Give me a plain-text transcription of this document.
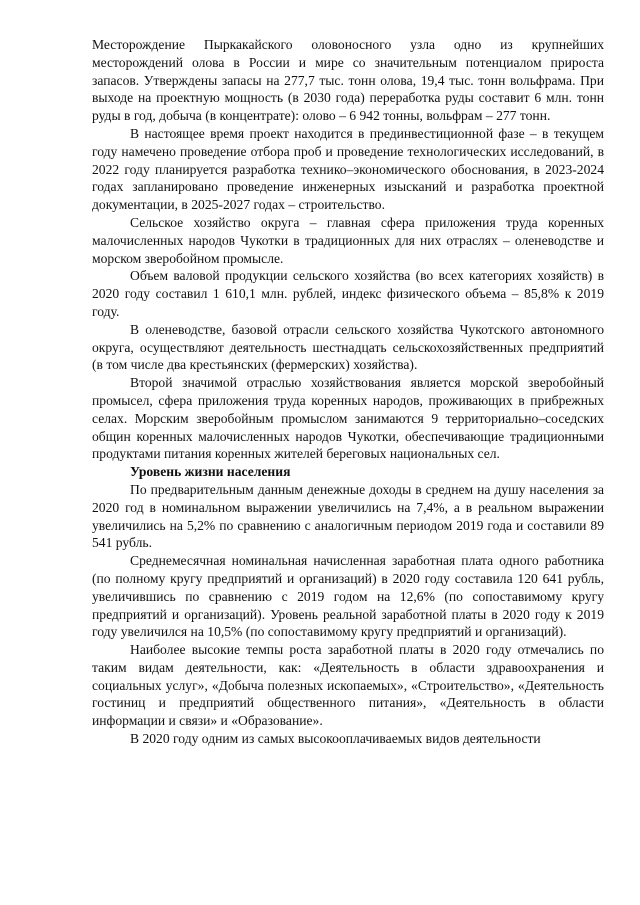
Месторождение Пыркакайского оловоносного узла одно из крупнейших месторождений олова в России и мире со значительным потенциалом прироста запасов. Утверждены запасы на 277,7 тыс. тонн олова, 19,4 тыс. тонн вольфрама. При выходе на проектную мощность (в 2030 года) переработка руды составит 6 млн. тонн руды в год, добыча (в концентрате): олово – 6 942 тонны, вольфрам – 277 тонн.

В настоящее время проект находится в прединвестиционной фазе – в текущем году намечено проведение отбора проб и проведение технологических исследований, в 2022 году планируется разработка технико–экономического обоснования, в 2023-2024 годах запланировано проведение инженерных изысканий и разработка проектной документации, в 2025-2027 годах – строительство.

Сельское хозяйство округа – главная сфера приложения труда коренных малочисленных народов Чукотки в традиционных для них отраслях – оленеводстве и морском зверобойном промысле.

Объем валовой продукции сельского хозяйства (во всех категориях хозяйств) в 2020 году составил 1 610,1 млн. рублей, индекс физического объема – 85,8% к 2019 году.

В оленеводстве, базовой отрасли сельского хозяйства Чукотского автономного округа, осуществляют деятельность шестнадцать сельскохозяйственных предприятий (в том числе два крестьянских (фермерских) хозяйства).

Второй значимой отраслью хозяйствования является морской зверобойный промысел, сфера приложения труда коренных народов, проживающих в прибрежных селах. Морским зверобойным промыслом занимаются 9 территориально–соседских общин коренных малочисленных народов Чукотки, обеспечивающие традиционными продуктами питания коренных жителей береговых национальных сел.

Уровень жизни населения

По предварительным данным денежные доходы в среднем на душу населения за 2020 год в номинальном выражении увеличились на 7,4%, а в реальном выражении увеличились на 5,2% по сравнению с аналогичным периодом 2019 года и составили 89 541 рубль.

Среднемесячная номинальная начисленная заработная плата одного работника (по полному кругу предприятий и организаций) в 2020 году составила 120 641 рубль, увеличившись по сравнению с 2019 годом на 12,6% (по сопоставимому кругу предприятий и организаций). Уровень реальной заработной платы в 2020 году к 2019 году увеличился на 10,5% (по сопоставимому кругу предприятий и организаций).

Наиболее высокие темпы роста заработной платы в 2020 году отмечались по таким видам деятельности, как: «Деятельность в области здравоохранения и социальных услуг», «Добыча полезных ископаемых», «Строительство», «Деятельность гостиниц и предприятий общественного питания», «Деятельность в области информации и связи» и «Образование».

В 2020 году одним из самых высокооплачиваемых видов деятельности
